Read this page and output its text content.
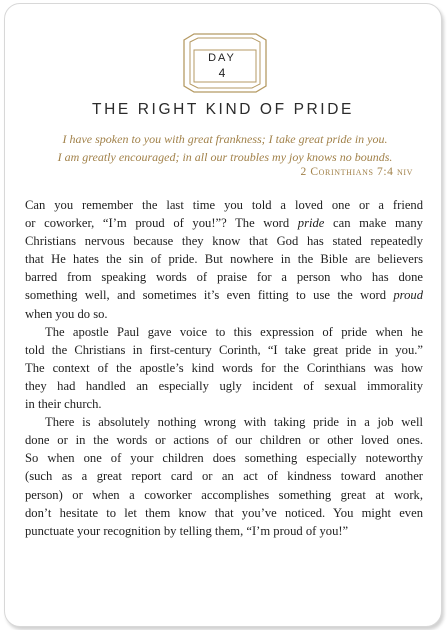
DAY
4
THE RIGHT KIND OF PRIDE
I have spoken to you with great frankness; I take great pride in you.
I am greatly encouraged; in all our troubles my joy knows no bounds.
2 Corinthians 7:4 niv

Can you remember the last time you told a loved one or a friend
or coworker, “I’m proud of you!”? The word pride can make many
Christians nervous because they know that God has stated repeatedly
that He hates the sin of pride. But nowhere in the Bible are believers
barred from speaking words of praise for a person who has done
something well, and sometimes it’s even fitting to use the word proud
when you do so.

The apostle Paul gave voice to this expression of pride when he
told the Christians in first-century Corinth, “I take great pride in you.”
The context of the apostle’s kind words for the Corinthians was how
they had handled an especially ugly incident of sexual immorality
in their church.

There is absolutely nothing wrong with taking pride in a job well
done or in the words or actions of our children or other loved ones.
So when one of your children does something especially noteworthy
(such as a great report card or an act of kindness toward another
person) or when a coworker accomplishes something great at work,
don’t hesitate to let them know that you’ve noticed. You might even
punctuate your recognition by telling them, “I’m proud of you!”
